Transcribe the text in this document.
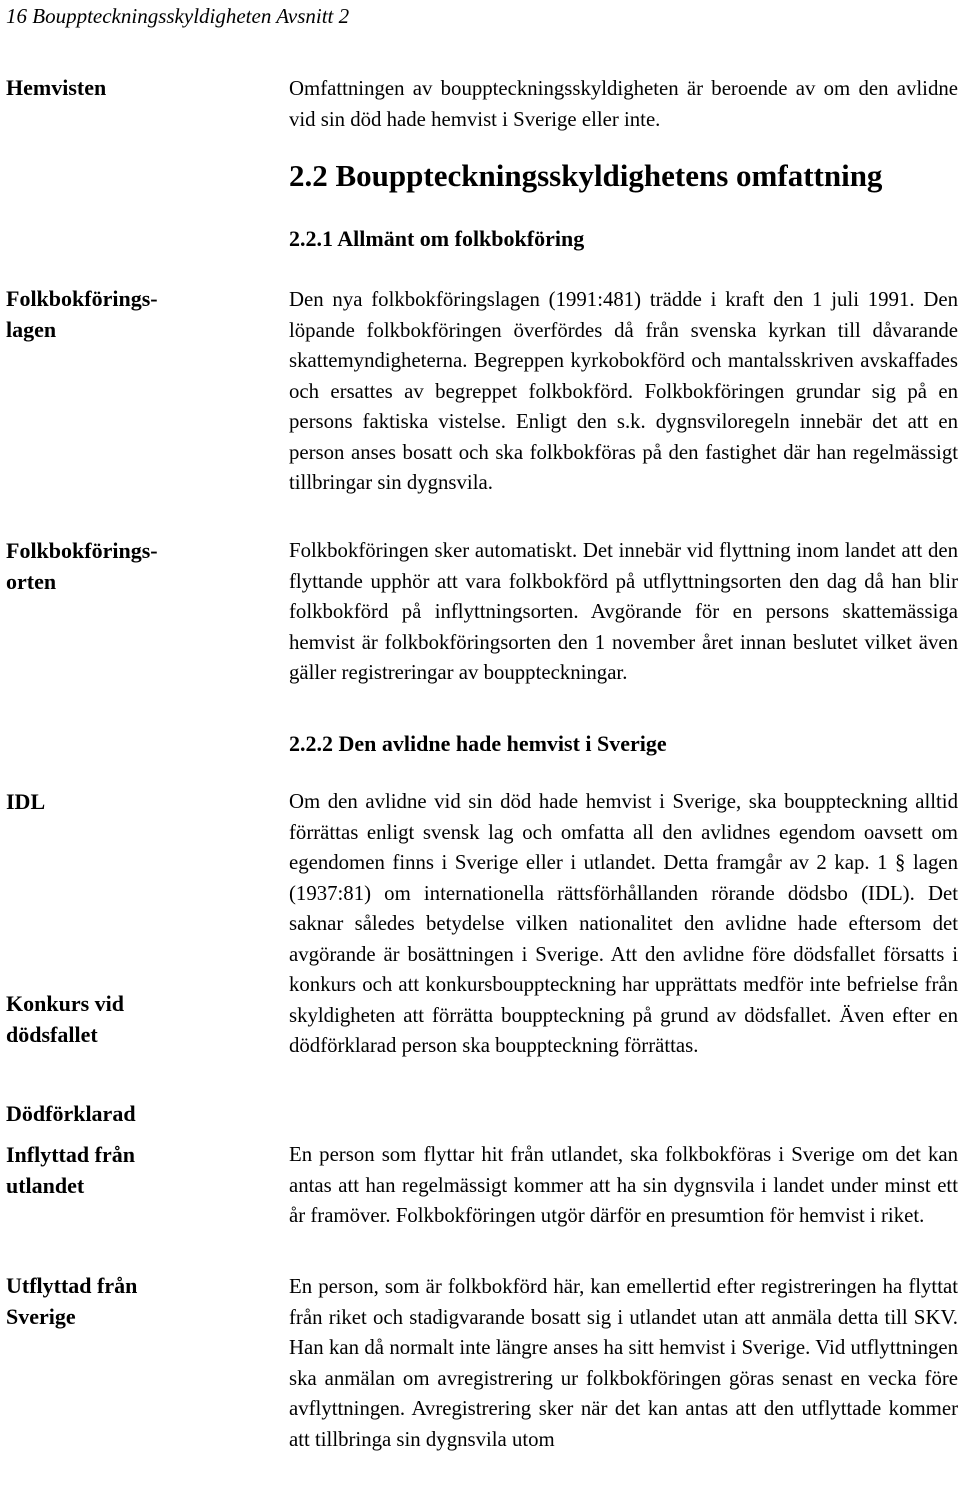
16 Bouppteckningsskyldigheten Avsnitt 2
Hemvisten
Folkbokförings-
lagen
Folkbokförings-
orten
IDL
Konkurs vid
dödsfallet
Dödförklarad
Inflyttad från
utlandet
Utflyttad från
Sverige

Omfattningen av bouppteckningsskyldigheten är beroende av om den avlidne vid sin död hade hemvist i Sverige eller inte.

2.2 Bouppteckningsskyldighetens omfattning
2.2.1 Allmänt om folkbokföring

Den nya folkbokföringslagen (1991:481) trädde i kraft den 1 juli 1991. Den löpande folkbokföringen överfördes då från svenska kyrkan till dåvarande skattemyndigheterna. Begreppen kyrkobokförd och mantalsskriven avskaffades och ersattes av begreppet folkbokförd. Folkbokföringen grundar sig på en persons faktiska vistelse. Enligt den s.k. dygnsviloregeln innebär det att en person anses bosatt och ska folkbokföras på den fastighet där han regelmässigt tillbringar sin dygnsvila.

Folkbokföringen sker automatiskt. Det innebär vid flyttning inom landet att den flyttande upphör att vara folkbokförd på utflyttningsorten den dag då han blir folkbokförd på inflyttningsorten. Avgörande för en persons skattemässiga hemvist är folkbokföringsorten den 1 november året innan beslutet vilket även gäller registreringar av bouppteckningar.

2.2.2 Den avlidne hade hemvist i Sverige

Om den avlidne vid sin död hade hemvist i Sverige, ska bouppteckning alltid förrättas enligt svensk lag och omfatta all den avlidnes egendom oavsett om egendomen finns i Sverige eller i utlandet. Detta framgår av 2 kap. 1 § lagen (1937:81) om internationella rättsförhållanden rörande dödsbo (IDL). Det saknar således betydelse vilken nationalitet den avlidne hade eftersom det avgörande är bosättningen i Sverige. Att den avlidne före dödsfallet försatts i konkurs och att konkursbouppteckning har upprättats medför inte befrielse från skyldigheten att förrätta bouppteckning på grund av dödsfallet. Även efter en dödförklarad person ska bouppteckning förrättas.

En person som flyttar hit från utlandet, ska folkbokföras i Sverige om det kan antas att han regelmässigt kommer att ha sin dygnsvila i landet under minst ett år framöver. Folkbokföringen utgör därför en presumtion för hemvist i riket.

En person, som är folkbokförd här, kan emellertid efter registreringen ha flyttat från riket och stadigvarande bosatt sig i utlandet utan att anmäla detta till SKV. Han kan då normalt inte längre anses ha sitt hemvist i Sverige. Vid utflyttningen ska anmälan om avregistrering ur folkbokföringen göras senast en vecka före avflyttningen. Avregistrering sker när det kan antas att den utflyttade kommer att tillbringa sin dygnsvila utom
